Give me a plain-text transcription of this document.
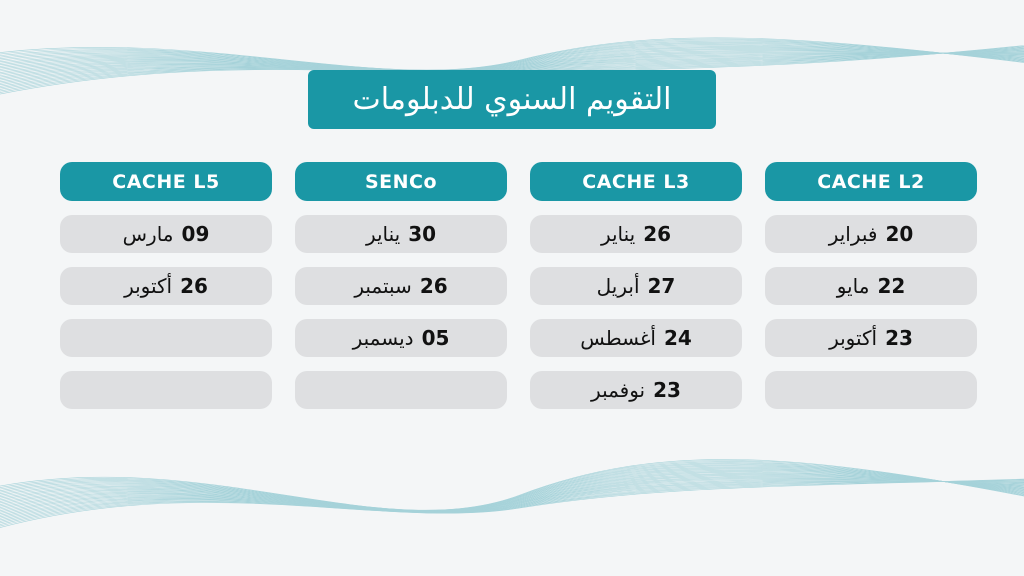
التقويم السنوي للدبلومات
CACHE L5
09
مارس
26
أكتوبر
SENCo
30
يناير
26
سبتمبر
05
ديسمبر
CACHE L3
26
يناير
27
أبريل
24
أغسطس
23
نوفمبر
CACHE L2
20
فبراير
22
مايو
23
أكتوبر
